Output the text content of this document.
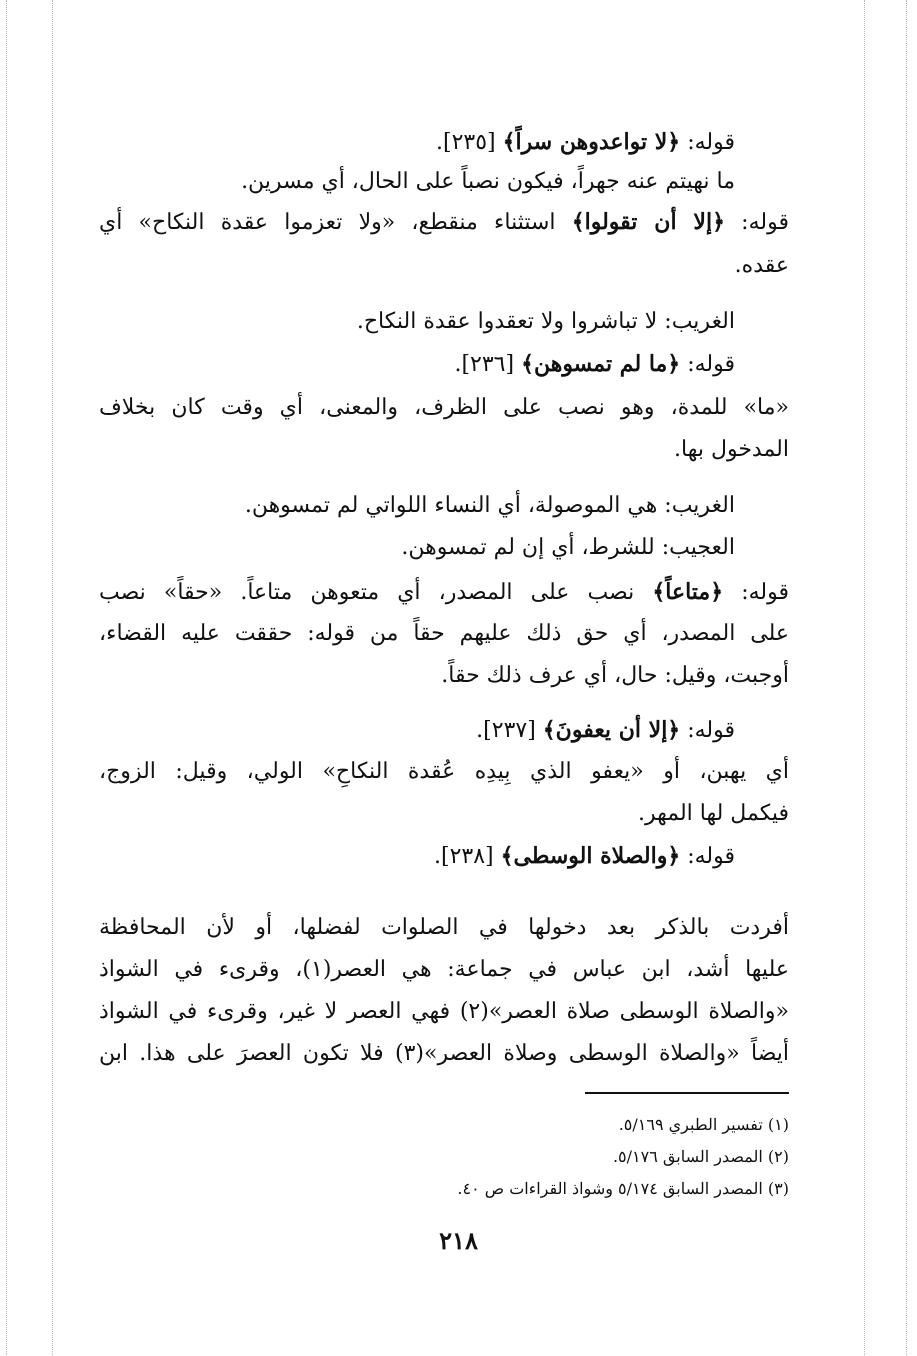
قوله: ﴿لا تواعدوهن سراً﴾ [٢٣٥].
ما نهيتم عنه جهراً، فيكون نصباً على الحال، أي مسرين.
قوله: ﴿إلا أن تقولوا﴾ استثناء منقطع، «ولا تعزموا عقدة النكاح» أي
عقده.
الغريب: لا تباشروا ولا تعقدوا عقدة النكاح.
قوله: ﴿ما لم تمسوهن﴾ [٢٣٦].
«ما» للمدة، وهو نصب على الظرف، والمعنى، أي وقت كان بخلاف
المدخول بها.
الغريب: هي الموصولة، أي النساء اللواتي لم تمسوهن.
العجيب: للشرط، أي إن لم تمسوهن.
قوله: ﴿متاعاً﴾ نصب على المصدر، أي متعوهن متاعاً. «حقاً» نصب
على المصدر، أي حق ذلك عليهم حقاً من قوله: حققت عليه القضاء،
أوجبت، وقيل: حال، أي عرف ذلك حقاً.
قوله: ﴿إلا أن يعفونَ﴾ [٢٣٧].
أي يهبن، أو «يعفو الذي بِيدِه عُقدة النكاحِ» الولي، وقيل: الزوج،
فيكمل لها المهر.
قوله: ﴿والصلاة الوسطى﴾ [٢٣٨].
أفردت بالذكر بعد دخولها في الصلوات لفضلها، أو لأن المحافظة
عليها أشد، ابن عباس في جماعة: هي العصر(١)، وقرىء في الشواذ
«والصلاة الوسطى صلاة العصر»(٢) فهي العصر لا غير، وقرىء في الشواذ
أيضاً «والصلاة الوسطى وصلاة العصر»(٣) فلا تكون العصرَ على هذا. ابن
(١) تفسير الطبري ٥/١٦٩.
(٢) المصدر السابق ٥/١٧٦.
(٣) المصدر السابق ٥/١٧٤ وشواذ القراءات ص ٤٠.
٢١٨
